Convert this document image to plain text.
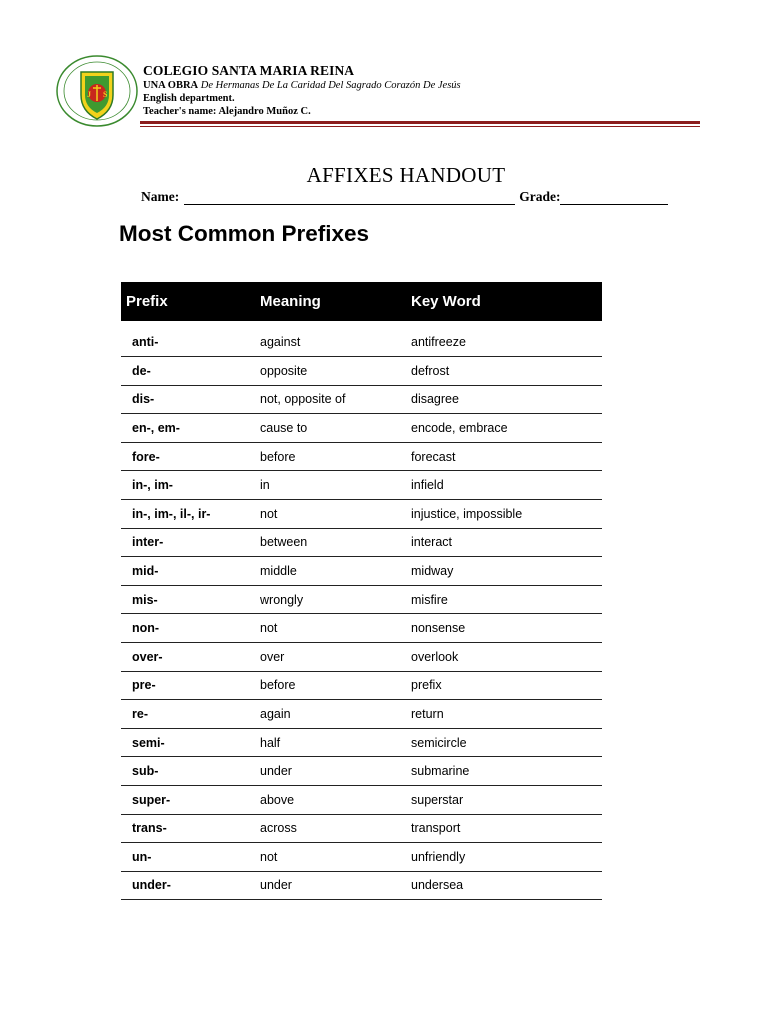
J S
COLEGIO SANTA MARIA REINA
UNA OBRA De Hermanas De La Caridad Del Sagrado Corazón De Jesús
English department.
Teacher's name: Alejandro Muñoz C.
AFFIXES HANDOUT
Name:	Grade:
Most Common Prefixes
Prefix	Meaning	Key Word
anti-	against	antifreeze
de-	opposite	defrost
dis-	not, opposite of	disagree
en-, em-	cause to	encode, embrace
fore-	before	forecast
in-, im-	in	infield
in-, im-, il-, ir-	not	injustice, impossible
inter-	between	interact
mid-	middle	midway
mis-	wrongly	misfire
non-	not	nonsense
over-	over	overlook
pre-	before	prefix
re-	again	return
semi-	half	semicircle
sub-	under	submarine
super-	above	superstar
trans-	across	transport
un-	not	unfriendly
under-	under	undersea
